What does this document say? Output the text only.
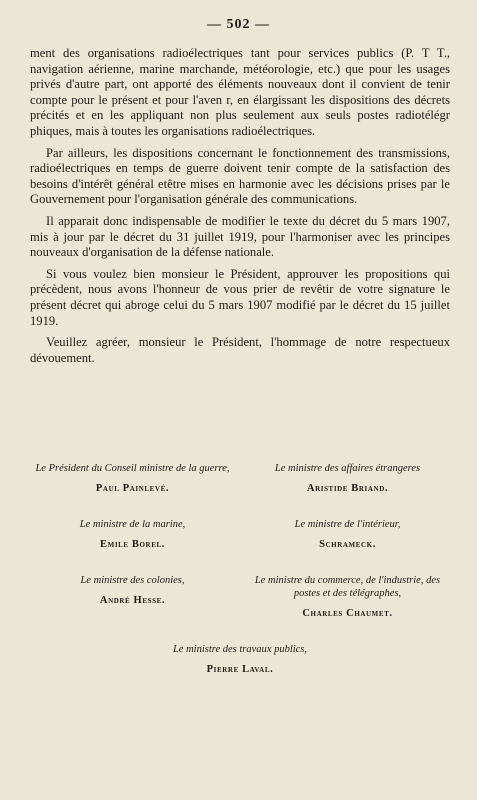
— 502 —

ment des organisations radioélectriques tant pour services publics (P. T T., navigation aérienne, marine marchande, météorologie, etc.) que pour les usages privés d'autre part, ont apporté des éléments nouveaux dont il convient de tenir compte pour le présent et pour l'aven r, en élargissant les dispositions des décrets précités et en les appliquant non plus seulement aux seuls postes radiotélégr phiques, mais à toutes les organisations radioélectriques.

Par ailleurs, les dispositions concernant le fonctionnement des transmissions, radioélectriques en temps de guerre doivent tenir compte de la satisfaction des besoins d'intérêt général etêtre mises en harmonie avec les décisions prises par le Gouvernement pour l'organisation générale des communications.

Il apparait donc indispensable de modifier le texte du décret du 5 mars 1907, mis à jour par le décret du 31 juillet 1919, pour l'harmoniser avec les principes nouveaux d'organisation de la défense nationale.

Si vous voulez bien monsieur le Président, approuver les propositions qui précèdent, nous avons l'honneur de vous prier de revêtir de votre signature le présent décret qui abroge celui du 5 mars 1907 modifié par le décret du 15 juillet 1919.

Veuillez agréer, monsieur le Président, l'hommage de notre respectueux dévouement.

Le Président du Conseil ministre de la guerre,
Paul Painlevé.
Le ministre des affaires étrangeres
Aristide Briand.
Le ministre de la marine,
Emile Borel.
Le ministre de l'intérieur,
Schrameck.
Le ministre des colonies,
André Hesse.
Le ministre du commerce, de l'industrie, des postes et des télégraphes,
Charles Chaumet.
Le ministre des travaux publics,
Pierre Laval.
